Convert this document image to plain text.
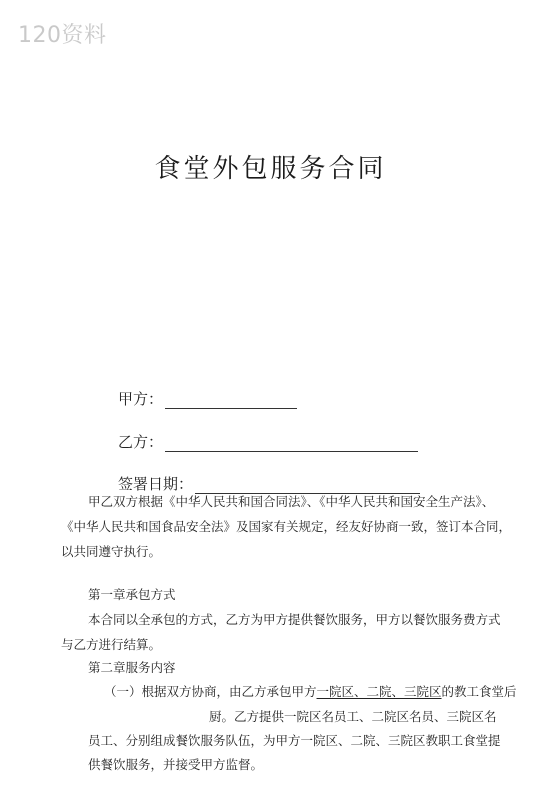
120资料
食堂外包服务合同
甲方：
乙方：
签署日期：
甲乙双方根据《中华人民共和国合同法》、《中华人民共和国安全生产法》、
《中华人民共和国食品安全法》及国家有关规定，经友好协商一致，签订本合同，
以共同遵守执行。
第一章承包方式
本合同以全承包的方式，乙方为甲方提供餐饮服务，甲方以餐饮服务费方式
与乙方进行结算。
第二章服务内容
（一）根据双方协商，由乙方承包甲方一院区、二院、三院区的教工食堂后
厨。乙方提供一院区名员工、二院区名员、三院区名
员工、分别组成餐饮服务队伍，为甲方一院区、二院、三院区教职工食堂提
供餐饮服务，并接受甲方监督。
